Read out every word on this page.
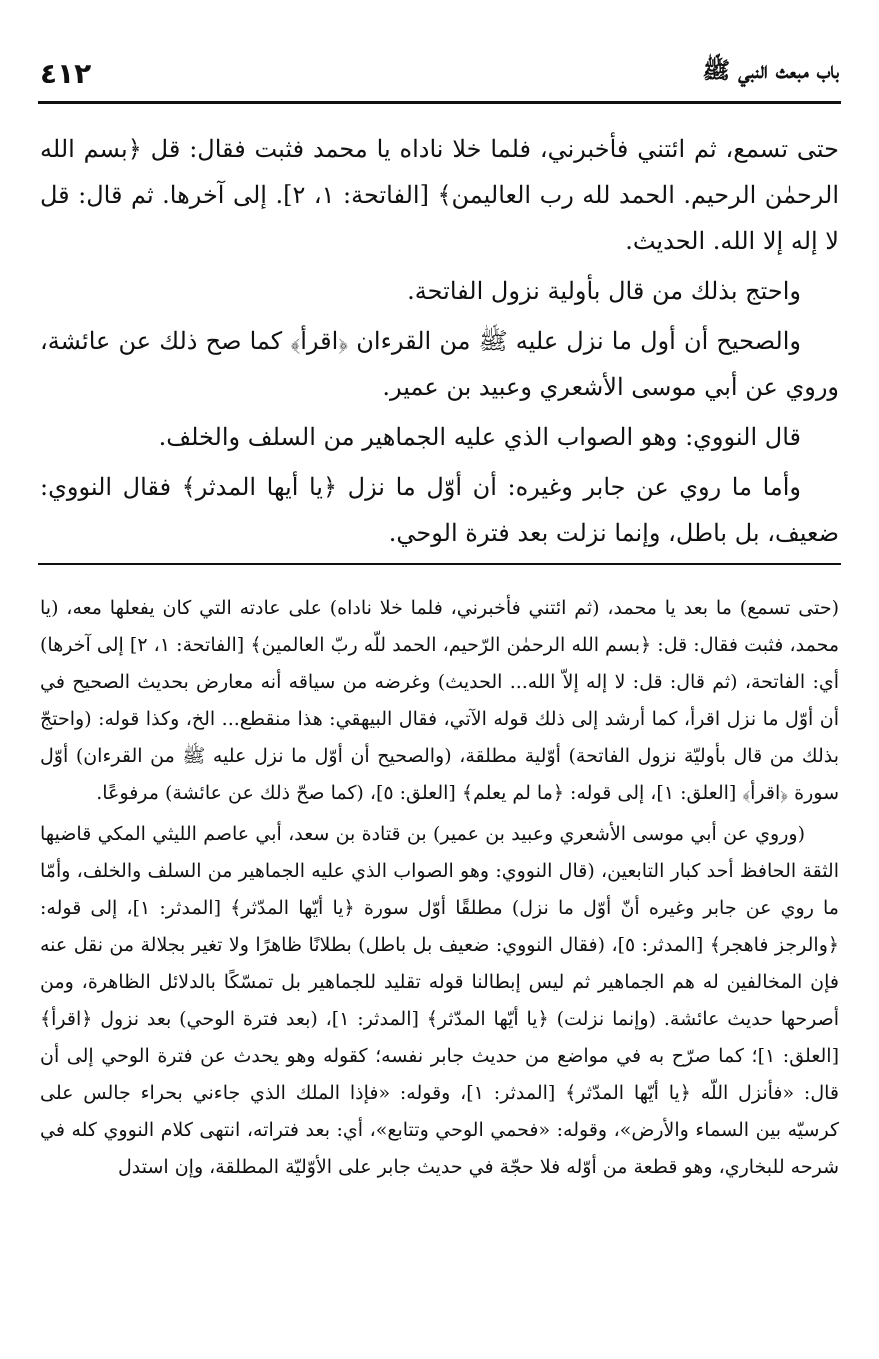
باب مبعث النبي ﷺ
٤١٢

حتى تسمع، ثم ائتني فأخبرني، فلما خلا ناداه يا محمد فثبت فقال: قل ﴿بسم الله الرحمٰن الرحيم. الحمد لله رب العاليمن﴾ [الفاتحة: ١، ٢]. إلى آخرها. ثم قال: قل لا إله إلا الله. الحديث.

واحتج بذلك من قال بأولية نزول الفاتحة.

والصحيح أن أول ما نزل عليه ﷺ من القرءان ﴿اقرأ﴾ كما صح ذلك عن عائشة، وروي عن أبي موسى الأشعري وعبيد بن عمير.

قال النووي: وهو الصواب الذي عليه الجماهير من السلف والخلف.

وأما ما روي عن جابر وغيره: أن أوّل ما نزل ﴿يا أيها المدثر﴾ فقال النووي: ضعيف، بل باطل، وإنما نزلت بعد فترة الوحي.

(حتى تسمع) ما بعد يا محمد، (ثم ائتني فأخبرني، فلما خلا ناداه) على عادته التي كان يفعلها معه، (يا محمد، فثبت فقال: قل: ﴿بسم الله الرحمٰن الرّحيم، الحمد للّه ربّ العالمين﴾ [الفاتحة: ١، ٢] إلى آخرها) أي: الفاتحة، (ثم قال: قل: لا إله إلاّ الله... الحديث) وغرضه من سياقه أنه معارض بحديث الصحيح في أن أوّل ما نزل اقرأ، كما أرشد إلى ذلك قوله الآتي، فقال البيهقي: هذا منقطع... الخ، وكذا قوله: (واحتجّ بذلك من قال بأوليّة نزول الفاتحة) أوّلية مطلقة، (والصحيح أن أوّل ما نزل عليه ﷺ من القرءان) أوّل سورة ﴿اقرأ﴾ [العلق: ١]، إلى قوله: ﴿ما لم يعلم﴾ [العلق: ٥]، (كما صحّ ذلك عن عائشة) مرفوعًا.

(وروي عن أبي موسى الأشعري وعبيد بن عمير) بن قتادة بن سعد، أبي عاصم الليثي المكي قاضيها الثقة الحافظ أحد كبار التابعين، (قال النووي: وهو الصواب الذي عليه الجماهير من السلف والخلف، وأمّا ما روي عن جابر وغيره أنّ أوّل ما نزل) مطلقًا أوّل سورة ﴿يا أيّها المدّثر﴾ [المدثر: ١]، إلى قوله: ﴿والرجز فاهجر﴾ [المدثر: ٥]، (فقال النووي: ضعيف بل باطل) بطلانًا ظاهرًا ولا تغير بجلالة من نقل عنه فإن المخالفين له هم الجماهير ثم ليس إبطالنا قوله تقليد للجماهير بل تمسّكًا بالدلائل الظاهرة، ومن أصرحها حديث عائشة. (وإنما نزلت) ﴿يا أيّها المدّثر﴾ [المدثر: ١]، (بعد فترة الوحي) بعد نزول ﴿اقرأ﴾ [العلق: ١]؛ كما صرّح به في مواضع من حديث جابر نفسه؛ كقوله وهو يحدث عن فترة الوحي إلى أن قال: «فأنزل اللّه ﴿يا أيّها المدّثر﴾ [المدثر: ١]، وقوله: «فإذا الملك الذي جاءني بحراء جالس على كرسيّه بين السماء والأرض»، وقوله: «فحمي الوحي وتتابع»، أي: بعد فتراته، انتهى كلام النووي كله في شرحه للبخاري، وهو قطعة من أوّله فلا حجّة في حديث جابر على الأوّليّة المطلقة، وإن استدل
